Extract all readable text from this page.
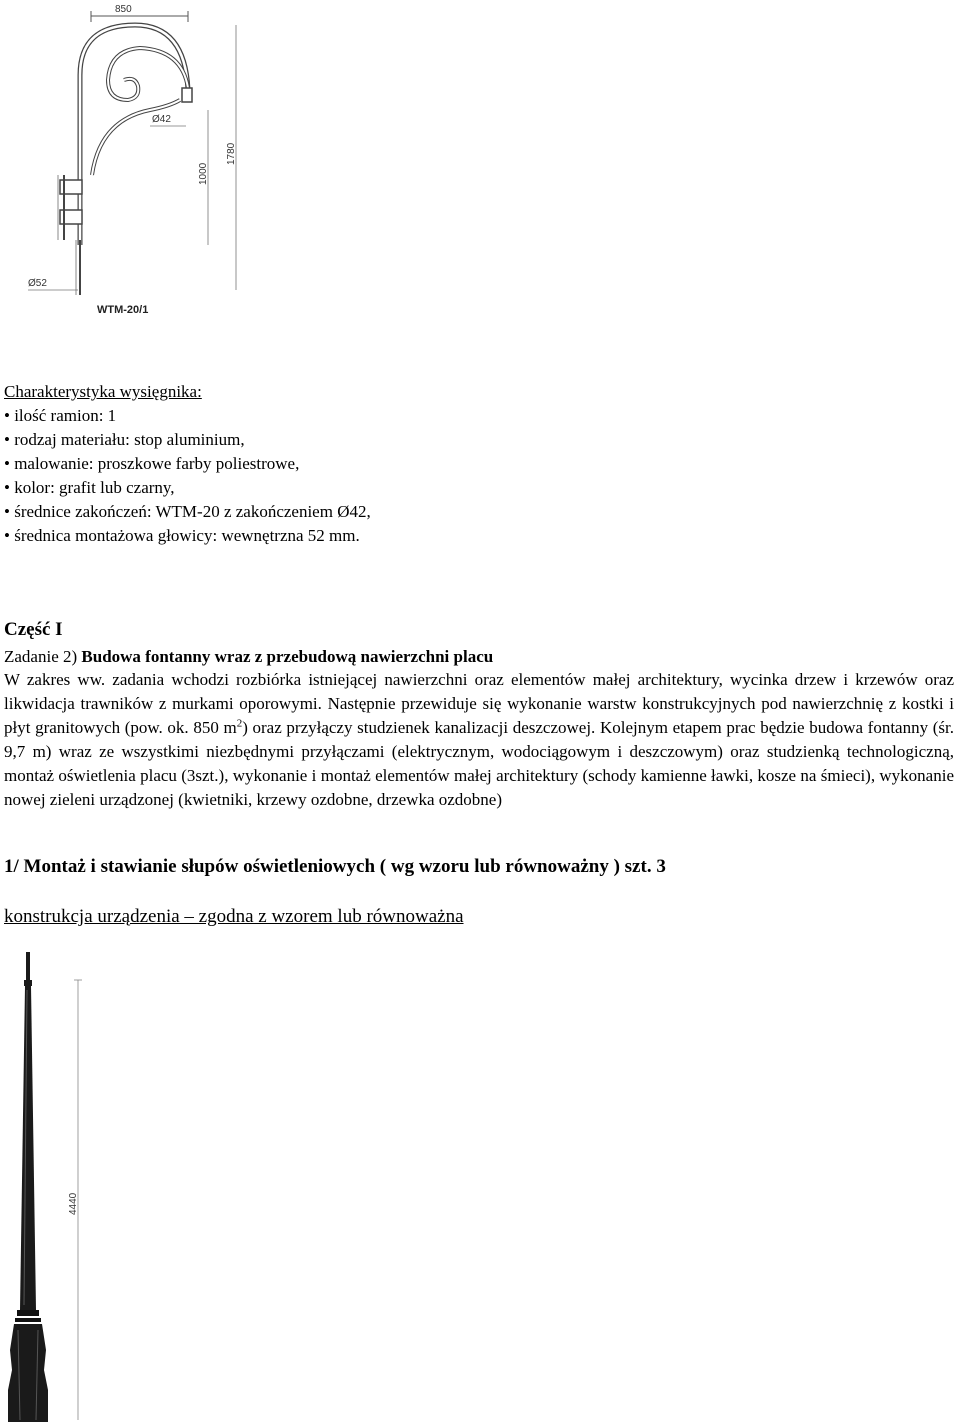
850
Ø42
1000
1780
Ø52
WTM-20/1
Charakterystyka wysięgnika:
• ilość ramion: 1
• rodzaj materiału: stop aluminium,
• malowanie: proszkowe farby poliestrowe,
• kolor: grafit lub czarny,
• średnice zakończeń: WTM-20 z zakończeniem Ø42,
• średnica montażowa głowicy: wewnętrzna 52 mm.
Część I
Zadanie 2) Budowa fontanny wraz z przebudową nawierzchni placu
W zakres ww. zadania wchodzi rozbiórka istniejącej nawierzchni oraz elementów małej architektury, wycinka drzew i krzewów oraz likwidacja trawników z murkami oporowymi. Następnie przewiduje się wykonanie warstw konstrukcyjnych pod nawierzchnię z kostki i płyt granitowych (pow. ok. 850 $m^2$) oraz przyłączy studzienek kanalizacji deszczowej. Kolejnym etapem prac będzie budowa fontanny (śr. 9,7 m) wraz ze wszystkimi niezbędnymi przyłączami (elektrycznym, wodociągowym i deszczowym) oraz studzienką technologiczną, montaż oświetlenia placu (3szt.), wykonanie i montaż elementów małej architektury (schody kamienne ławki, kosze na śmieci), wykonanie nowej zieleni urządzonej (kwietniki, krzewy ozdobne, drzewka ozdobne)
1/ Montaż i stawianie słupów oświetleniowych ( wg wzoru lub równoważny ) szt. 3
konstrukcja urządzenia – zgodna z wzorem lub równoważna
4440
